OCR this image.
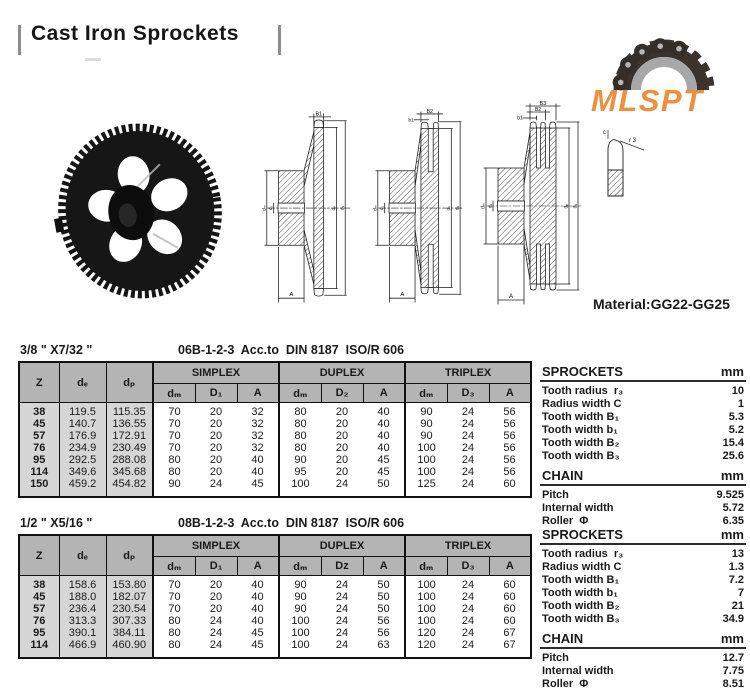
Cast Iron Sprockets
MLSPT
B1
A
dₚ dₑ
dₘ d₁
B2
b1
A
dₚ dₑ
dₘ d₁
B3
B2
b1
A
dₚ dₑ
dₘ d₁
c
r 3
Material:GG22-GG25
3/8 " X7/32 "	06B-1-2-3  Acc.to  DIN 8187  ISO/R 606
Z	dₑ	dₚ	SIMPLEX			DUPLEX			TRIPLEX		
			dₘ	D₁	A	dₘ	D₂	A	dₘ	D₃	A
38	119.5	115.35	70	20	32	80	20	40	90	24	56
45	140.7	136.55	70	20	32	80	20	40	90	24	56
57	176.9	172.91	70	20	32	80	20	40	90	24	56
76	234.9	230.49	70	20	32	80	20	40	100	24	56
95	292.5	288.08	80	20	40	90	20	45	100	24	56
114	349.6	345.68	80	20	40	95	20	45	100	24	56
150	459.2	454.82	90	24	45	100	24	50	125	24	60
SPROCKETS	mm
Tooth radius  r₃	10
Radius width C	1
Tooth width B₁	5.3
Tooth width b₁	5.2
Tooth width B₂	15.4
Tooth width B₃	25.6
CHAIN	mm
Pitch	9.525
Internal width	5.72
Roller  Φ	6.35
1/2 " X5/16 "	08B-1-2-3  Acc.to  DIN 8187  ISO/R 606
Z	dₑ	dₚ	SIMPLEX			DUPLEX			TRIPLEX		
			dₘ	D₁	A	dₘ	Dz	A	dₘ	D₃	A
38	158.6	153.80	70	20	40	90	24	50	100	24	60
45	188.0	182.07	70	20	40	90	24	50	100	24	60
57	236.4	230.54	70	20	40	90	24	50	100	24	60
76	313.3	307.33	80	24	40	100	24	56	100	24	60
95	390.1	384.11	80	24	45	100	24	56	120	24	67
114	466.9	460.90	80	24	45	100	24	63	120	24	67
SPROCKETS	mm
Tooth radius  r₃	13
Radius width C	1.3
Tooth width B₁	7.2
Tooth width b₁	7
Tooth width B₂	21
Tooth width B₃	34.9
CHAIN	mm
Pitch	12.7
Internal width	7.75
Roller  Φ	8.51
